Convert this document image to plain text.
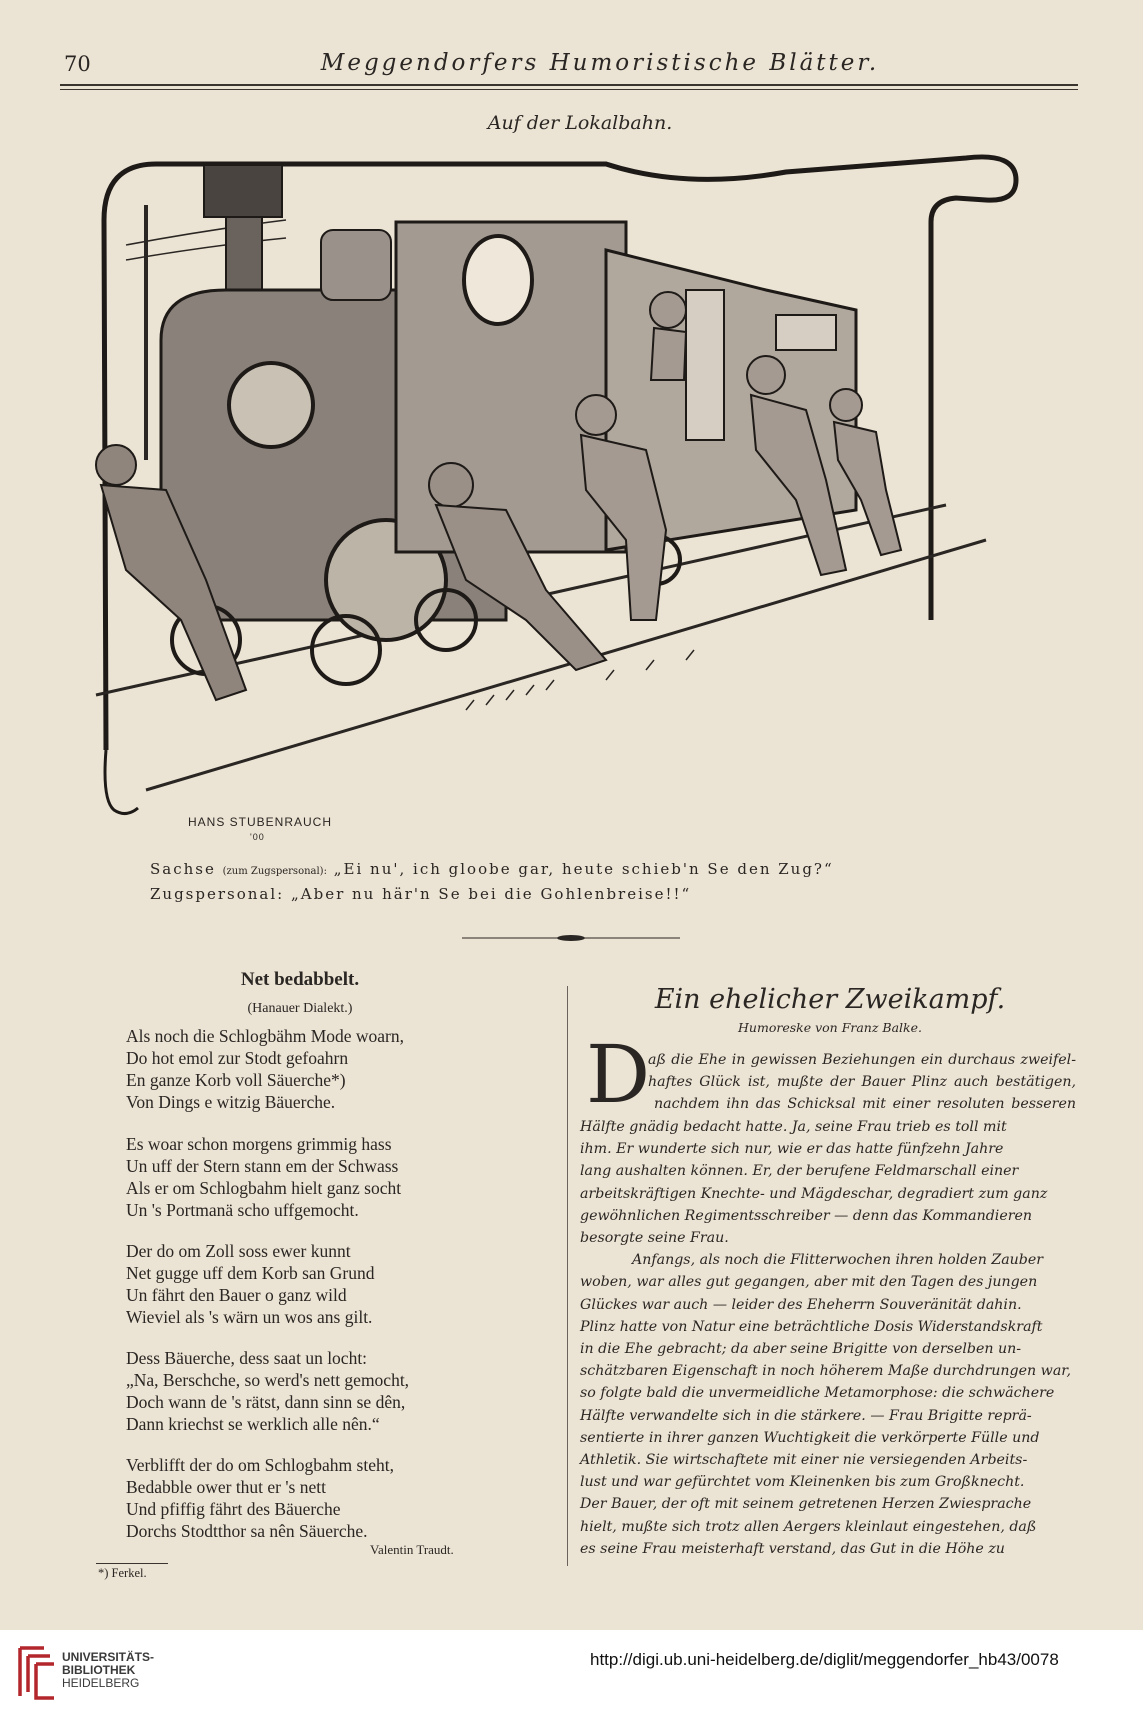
70	Meggendorfers Humoristische Blätter.
Auf der Lokalbahn.
HANS STUBENRAUCH
'00
Sachse (zum Zugspersonal): „Ei nu', ich gloobe gar, heute schieb'n Se den Zug?“
Zugspersonal: „Aber nu här'n Se bei die Gohlenbreise!!“
Net bedabbelt.
(Hanauer Dialekt.)
Als noch die Schlogbähm Mode woarn,
Do hot emol zur Stodt gefoahrn
En ganze Korb voll Säuerche*)
Von Dings e witzig Bäuerche.
Es woar schon morgens grimmig hass
Un uff der Stern stann em der Schwass
Als er om Schlogbahm hielt ganz socht
Un 's Portmanä scho uffgemocht.
Der do om Zoll soss ewer kunnt
Net gugge uff dem Korb san Grund
Un fährt den Bauer o ganz wild
Wieviel als 's wärn un wos ans gilt.
Dess Bäuerche, dess saat un locht:
„Na, Berschche, so werd's nett gemocht,
Doch wann de 's rätst, dann sinn se dên,
Dann kriechst se werklich alle nên.“
Verblifft der do om Schlogbahm steht,
Bedabble ower thut er 's nett
Und pfiffig fährt des Bäuerche
Dorchs Stodtthor sa nên Säuerche.
Valentin Traudt.
*) Ferkel.
Ein ehelicher Zweikampf.
Humoreske von Franz Balke.
D
aß die Ehe in gewissen Beziehungen ein durchaus zweifel-
haftes Glück ist, mußte der Bauer Plinz auch bestätigen,
nachdem ihn das Schicksal mit einer resoluten besseren
Hälfte gnädig bedacht hatte. Ja, seine Frau trieb es toll mit
ihm. Er wunderte sich nur, wie er das hatte fünfzehn Jahre
lang aushalten können. Er, der berufene Feldmarschall einer
arbeitskräftigen Knechte- und Mägdeschar, degradiert zum ganz
gewöhnlichen Regimentsschreiber — denn das Kommandieren
besorgte seine Frau.
Anfangs, als noch die Flitterwochen ihren holden Zauber
woben, war alles gut gegangen, aber mit den Tagen des jungen
Glückes war auch — leider des Eheherrn Souveränität dahin.
Plinz hatte von Natur eine beträchtliche Dosis Widerstandskraft
in die Ehe gebracht; da aber seine Brigitte von derselben un-
schätzbaren Eigenschaft in noch höherem Maße durchdrungen war,
so folgte bald die unvermeidliche Metamorphose: die schwächere
Hälfte verwandelte sich in die stärkere. — Frau Brigitte reprä-
sentierte in ihrer ganzen Wuchtigkeit die verkörperte Fülle und
Athletik. Sie wirtschaftete mit einer nie versiegenden Arbeits-
lust und war gefürchtet vom Kleinenken bis zum Großknecht.
Der Bauer, der oft mit seinem getretenen Herzen Zwiesprache
hielt, mußte sich trotz allen Aergers kleinlaut eingestehen, daß
es seine Frau meisterhaft verstand, das Gut in die Höhe zu
UNIVERSITÄTS-
BIBLIOTHEK
HEIDELBERG
http://digi.ub.uni-heidelberg.de/diglit/meggendorfer_hb43/0078
